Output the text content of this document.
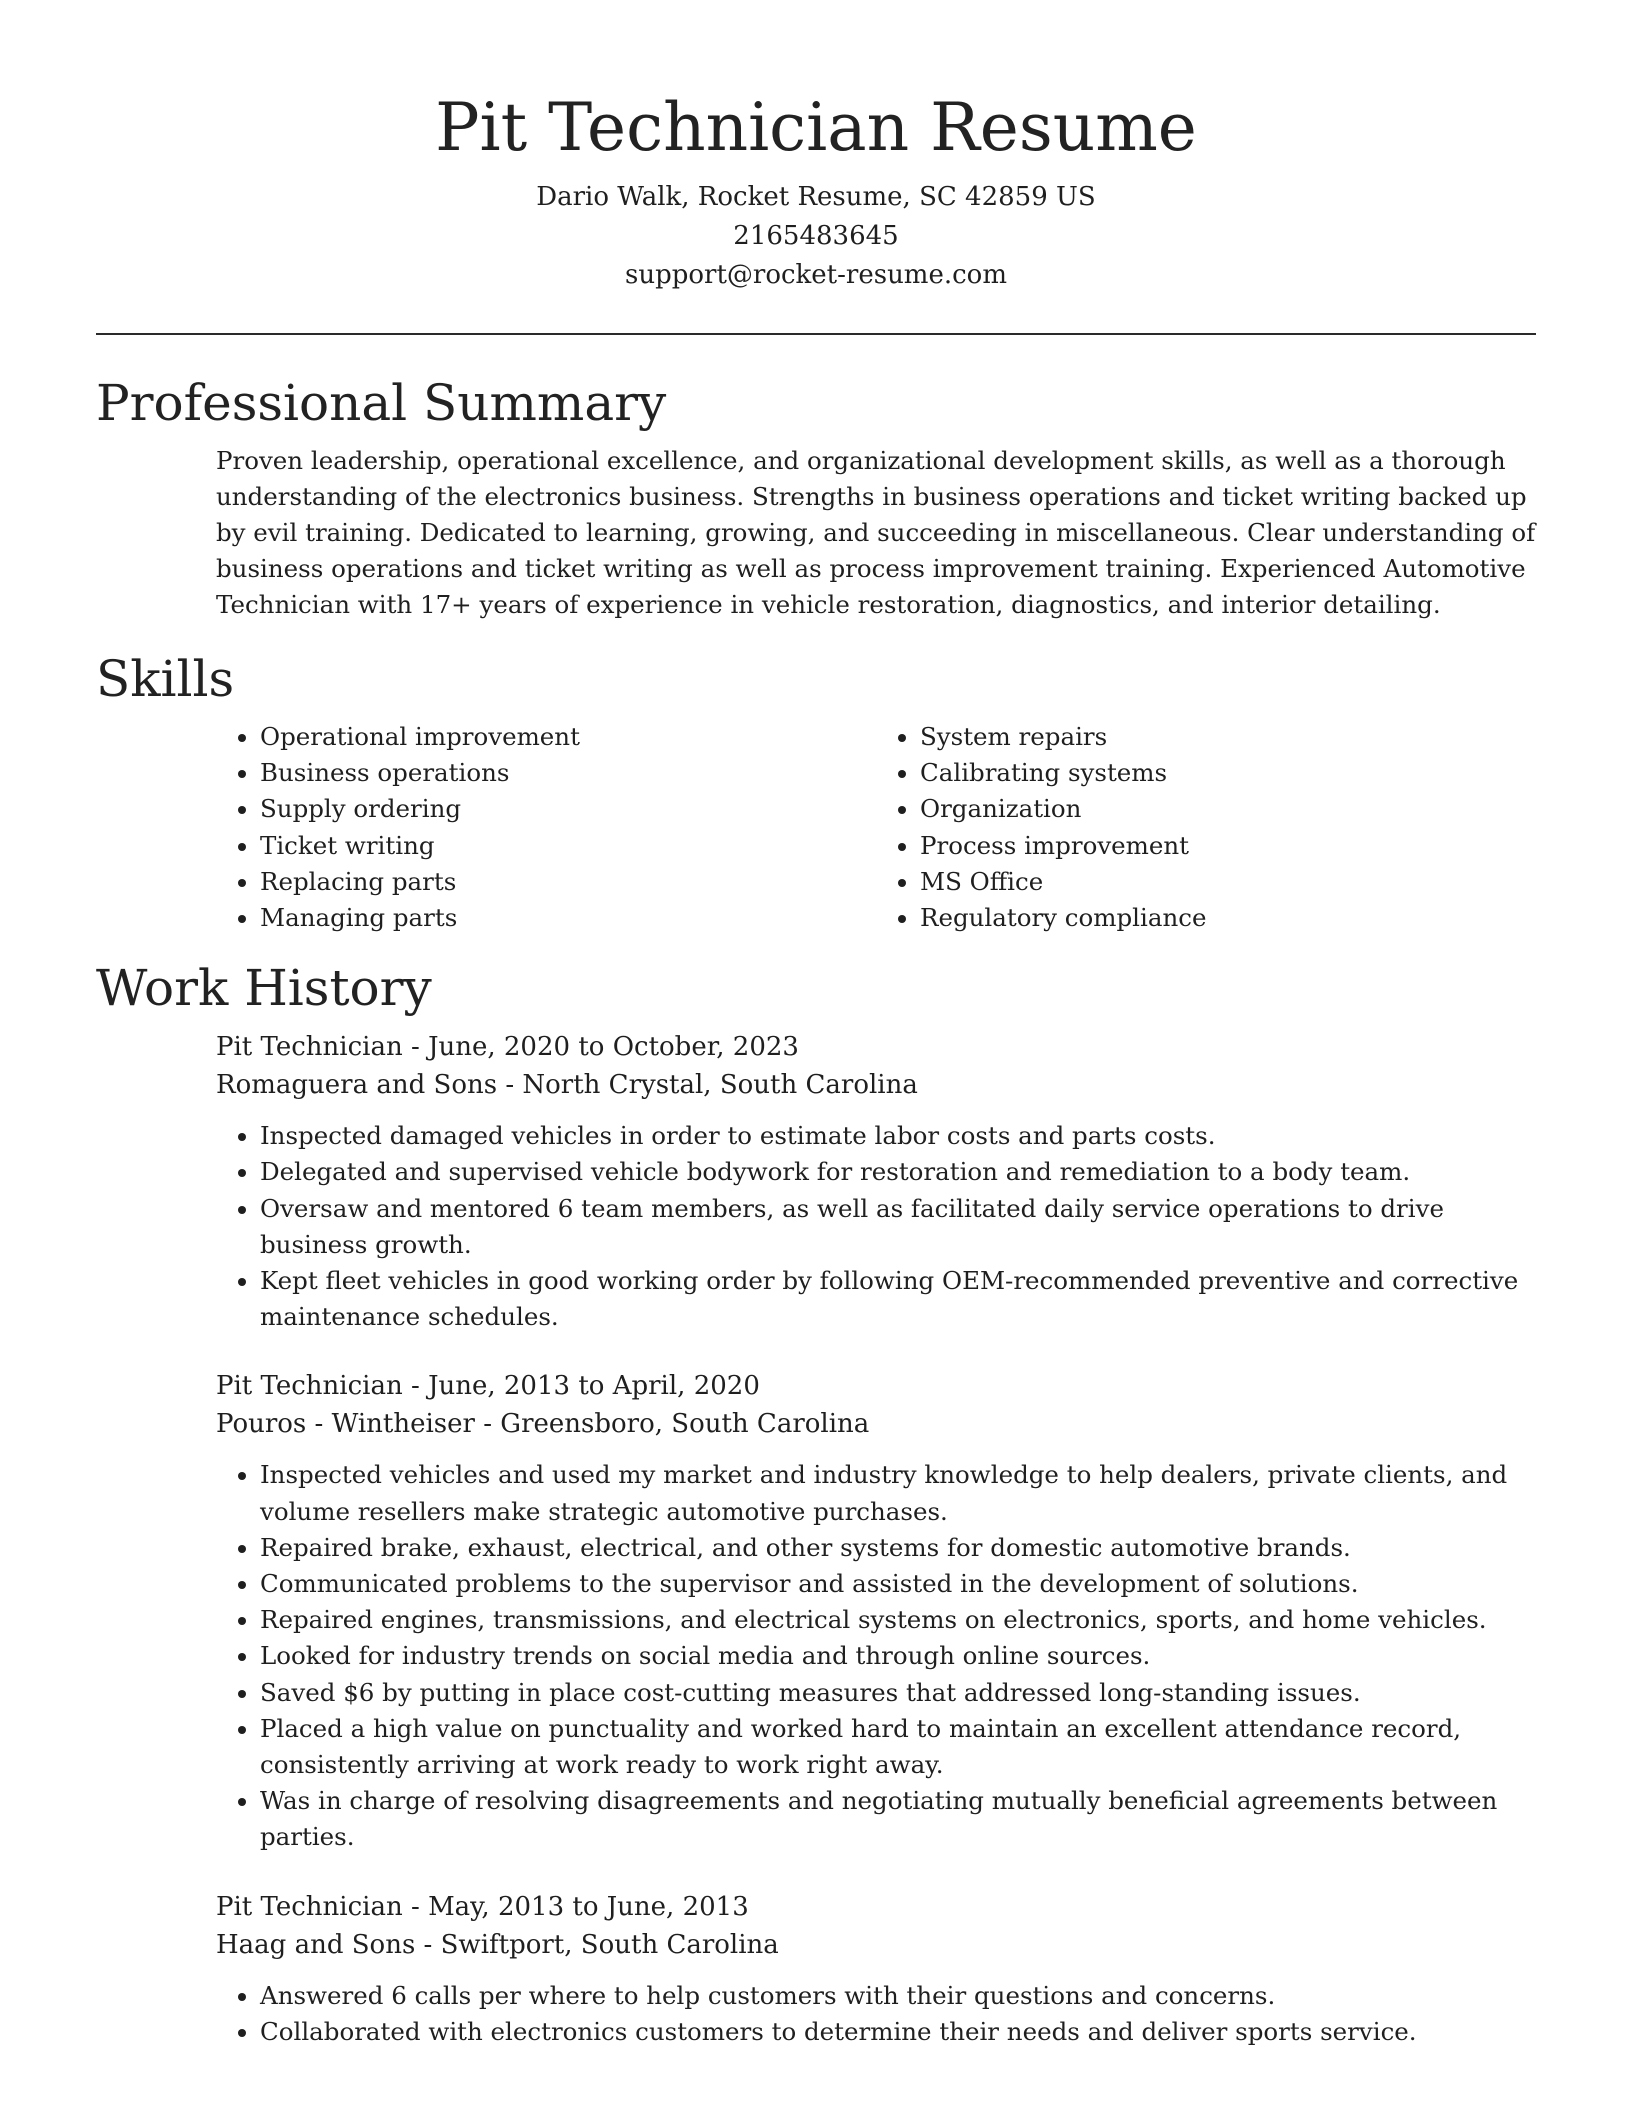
Pit Technician Resume
Dario Walk, Rocket Resume, SC 42859 US
2165483645
support@rocket-resume.com
Professional Summary

Proven leadership, operational excellence, and organizational development skills, as well as a thorough understanding of the electronics business. Strengths in business operations and ticket writing backed up by evil training. Dedicated to learning, growing, and succeeding in miscellaneous. Clear understanding of business operations and ticket writing as well as process improvement training. Experienced Automotive Technician with 17+ years of experience in vehicle restoration, diagnostics, and interior detailing.

Skills
• Operational improvement
• Business operations
• Supply ordering
• Ticket writing
• Replacing parts
• Managing parts
• System repairs
• Calibrating systems
• Organization
• Process improvement
• MS Office
• Regulatory compliance
Work History
Pit Technician - June, 2020 to October, 2023
Romaguera and Sons - North Crystal, South Carolina
• Inspected damaged vehicles in order to estimate labor costs and parts costs.
• Delegated and supervised vehicle bodywork for restoration and remediation to a body team.
• Oversaw and mentored 6 team members, as well as facilitated daily service operations to drive business growth.
• Kept fleet vehicles in good working order by following OEM-recommended preventive and corrective maintenance schedules.
Pit Technician - June, 2013 to April, 2020
Pouros - Wintheiser - Greensboro, South Carolina
• Inspected vehicles and used my market and industry knowledge to help dealers, private clients, and volume resellers make strategic automotive purchases.
• Repaired brake, exhaust, electrical, and other systems for domestic automotive brands.
• Communicated problems to the supervisor and assisted in the development of solutions.
• Repaired engines, transmissions, and electrical systems on electronics, sports, and home vehicles.
• Looked for industry trends on social media and through online sources.
• Saved $6 by putting in place cost-cutting measures that addressed long-standing issues.
• Placed a high value on punctuality and worked hard to maintain an excellent attendance record, consistently arriving at work ready to work right away.
• Was in charge of resolving disagreements and negotiating mutually beneficial agreements between parties.
Pit Technician - May, 2013 to June, 2013
Haag and Sons - Swiftport, South Carolina
• Answered 6 calls per where to help customers with their questions and concerns.
• Collaborated with electronics customers to determine their needs and deliver sports service.
